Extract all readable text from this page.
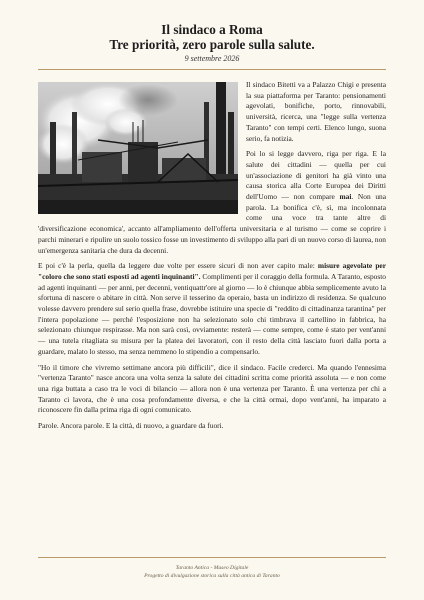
Il sindaco a Roma
Tre priorità, zero parole sulla salute.
9 settembre 2026

Il sindaco Bitetti va a Palazzo Chigi e presenta la sua piattaforma per Taranto: pensionamenti agevolati, bonifiche, porto, rinnovabili, università, ricerca, una "legge sulla vertenza Taranto" con tempi certi. Elenco lungo, suona serio, fa notizia.

Poi lo si legge davvero, riga per riga. E la salute dei cittadini — quella per cui un'associazione di genitori ha già vinto una causa storica alla Corte Europea dei Diritti dell'Uomo — non compare mai. Non una parola. La bonifica c'è, sì, ma incolonnata come una voce tra tante altre di 'diversificazione economica', accanto all'ampliamento dell'offerta universitaria e al turismo — come se coprire i parchi minerari e ripulire un suolo tossico fosse un investimento di sviluppo alla pari di un nuovo corso di laurea, non un'emergenza sanitaria che dura da decenni.

E poi c'è la perla, quella da leggere due volte per essere sicuri di non aver capito male: misure agevolate per "coloro che sono stati esposti ad agenti inquinanti". Complimenti per il coraggio della formula. A Taranto, esposto ad agenti inquinanti — per anni, per decenni, ventiquattr'ore al giorno — lo è chiunque abbia semplicemente avuto la sfortuna di nascere o abitare in città. Non serve il tesserino da operaio, basta un indirizzo di residenza. Se qualcuno volesse davvero prendere sul serio quella frase, dovrebbe istituire una specie di "reddito di cittadinanza tarantina" per l'intera popolazione — perché l'esposizione non ha selezionato solo chi timbrava il cartellino in fabbrica, ha selezionato chiunque respirasse. Ma non sarà così, ovviamente: resterà — come sempre, come è stato per vent'anni — una tutela ritagliata su misura per la platea dei lavoratori, con il resto della città lasciato fuori dalla porta a guardare, malato lo stesso, ma senza nemmeno lo stipendio a compensarlo.

"Ho il timore che vivremo settimane ancora più difficili", dice il sindaco. Facile crederci. Ma quando l'ennesima "vertenza Taranto" nasce ancora una volta senza la salute dei cittadini scritta come priorità assoluta — e non come una riga buttata a caso tra le voci di bilancio — allora non è una vertenza per Taranto. È una vertenza per chi a Taranto ci lavora, che è una cosa profondamente diversa, e che la città ormai, dopo vent'anni, ha imparato a riconoscere fin dalla prima riga di ogni comunicato.

Parole. Ancora parole. E la città, di nuovo, a guardare da fuori.

Taranto Antica - Museo Digitale
Progetto di divulgazione storica sulla città antica di Taranto
